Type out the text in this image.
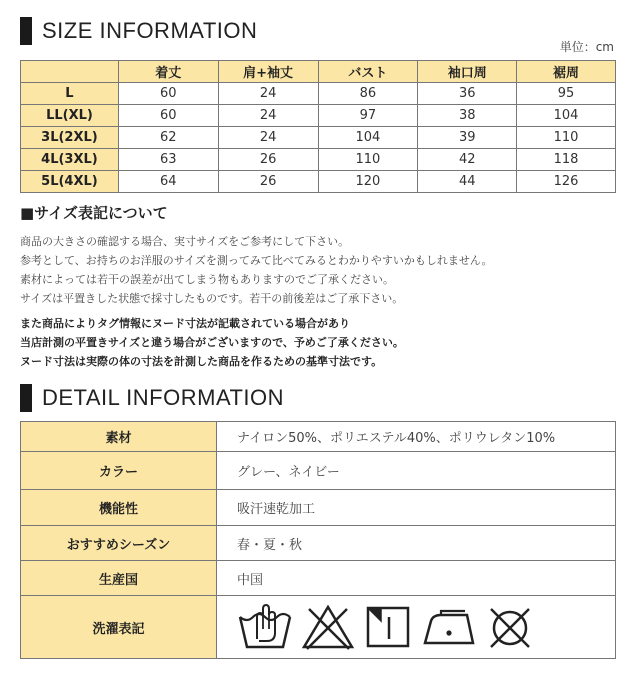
SIZE INFORMATION
単位：cm
	着丈	肩+袖丈	バスト	袖口周	裾周
L	60	24	86	36	95
LL(XL)	60	24	97	38	104
3L(2XL)	62	24	104	39	110
4L(3XL)	63	26	110	42	118
5L(4XL)	64	26	120	44	126
■サイズ表記について
商品の大きさの確認する場合、実寸サイズをご参考にして下さい。
参考として、お持ちのお洋服のサイズを測ってみて比べてみるとわかりやすいかもしれません。
素材によっては若干の誤差が出てしまう物もありますのでご了承ください。
サイズは平置きした状態で採寸したものです。若干の前後差はご了承下さい。
また商品によりタグ情報にヌード寸法が記載されている場合があり
当店計測の平置きサイズと違う場合がございますので、予めご了承ください。
ヌード寸法は実際の体の寸法を計測した商品を作るための基準寸法です。
DETAIL INFORMATION
素材	ナイロン50%、ポリエステル40%、ポリウレタン10%
カラー	グレー、ネイビー
機能性	吸汗速乾加工
おすすめシーズン	春・夏・秋
生産国	中国
洗濯表記	
